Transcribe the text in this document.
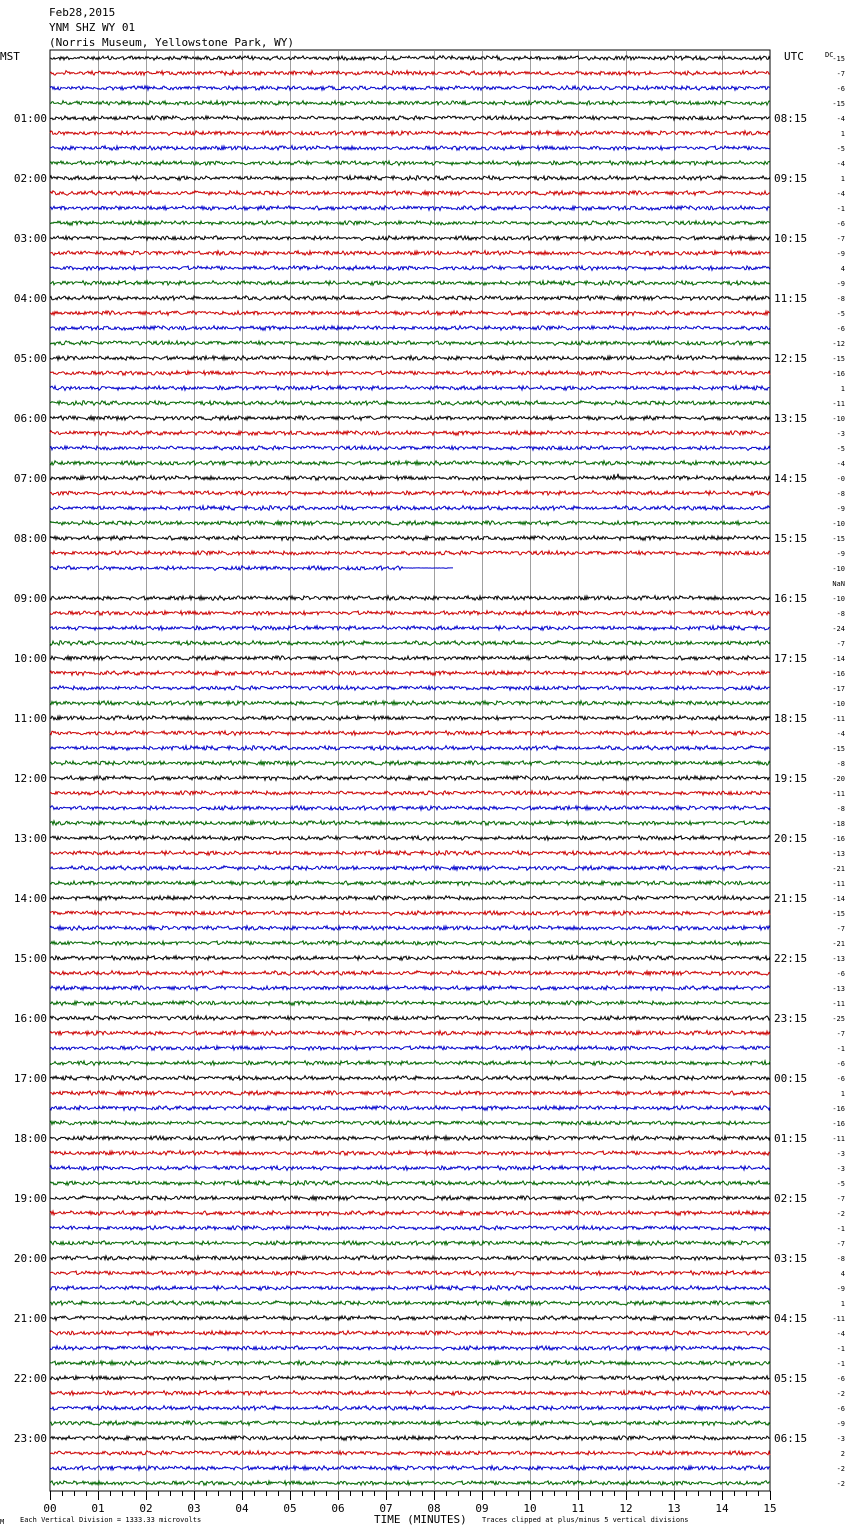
Feb28,2015
YNM SHZ WY 01
(Norris Museum, Yellowstone Park, WY)
MST	UTC	DC
01:00
02:00
03:00
04:00
05:00
06:00
07:00
08:00
09:00
10:00
11:00
12:00
13:00
14:00
15:00
16:00
17:00
18:00
19:00
20:00
21:00
22:00
23:00
08:15
09:15
10:15
11:15
12:15
13:15
14:15
15:15
16:15
17:15
18:15
19:15
20:15
21:15
22:15
23:15
00:15
01:15
02:15
03:15
04:15
05:15
06:15
-15
-7
-6
-15
-4
1
-5
-4
1
-4
-1
-6
-7
-9
4
-9
-8
-5
-6
-12
-15
-16
1
-11
-10
-3
-5
-4
-0
-8
-9
-10
-15
-9
-10
NaN
-10
-8
-24
-7
-14
-16
-17
-10
-11
-4
-15
-8
-20
-11
-8
-18
-16
-13
-21
-11
-14
-15
-7
-21
-13
-6
-13
-11
-25
-7
-1
-6
-6
1
-16
-16
-11
-3
-3
-5
-7
-2
-1
-7
-8
4
-9
1
-11
-4
-1
-1
-6
-2
-6
-9
-3
2
-2
-2
00	01	02	03	04	05	06	07	08	09	10	11	12	13	14	15
M Each Vertical Division = 1333.33 microvolts	TIME (MINUTES) Traces clipped at plus/minus 5 vertical divisions
